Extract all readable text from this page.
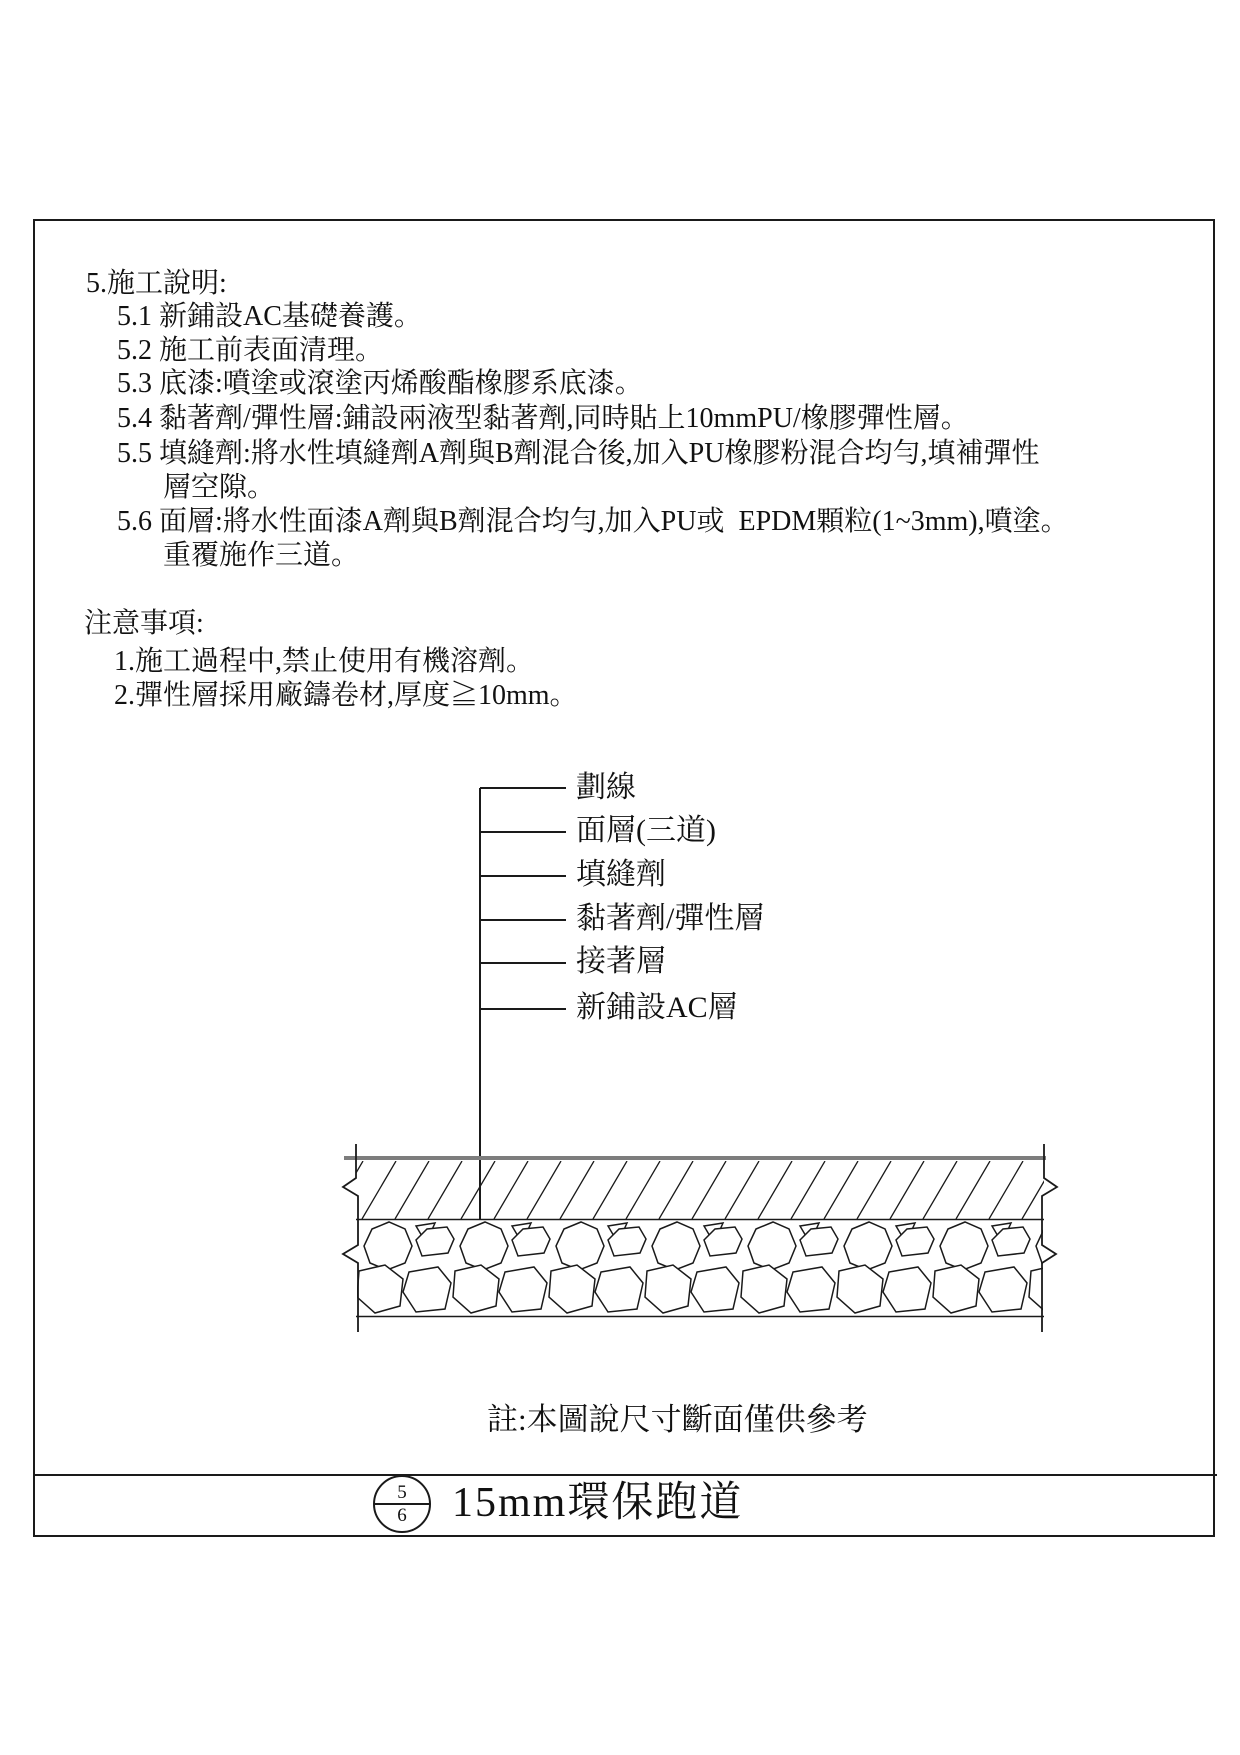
5.施工說明:
5.1 新鋪設AC基礎養護。
5.2 施工前表面清理。
5.3 底漆:噴塗或滾塗丙烯酸酯橡膠系底漆。
5.4 黏著劑/彈性層:鋪設兩液型黏著劑,同時貼上10mmPU/橡膠彈性層。
5.5 填縫劑:將水性填縫劑A劑與B劑混合後,加入PU橡膠粉混合均勻,填補彈性
層空隙。
5.6 面層:將水性面漆A劑與B劑混合均勻,加入PU或  EPDM顆粒(1~3mm),噴塗。
重覆施作三道。
注意事項:
1.施工過程中,禁止使用有機溶劑。
2.彈性層採用廠鑄卷材,厚度≧10mm。
劃線
面層(三道)
填縫劑
黏著劑/彈性層
接著層
新鋪設AC層
註:本圖說尺寸斷面僅供參考
5
6 15mm環保跑道
